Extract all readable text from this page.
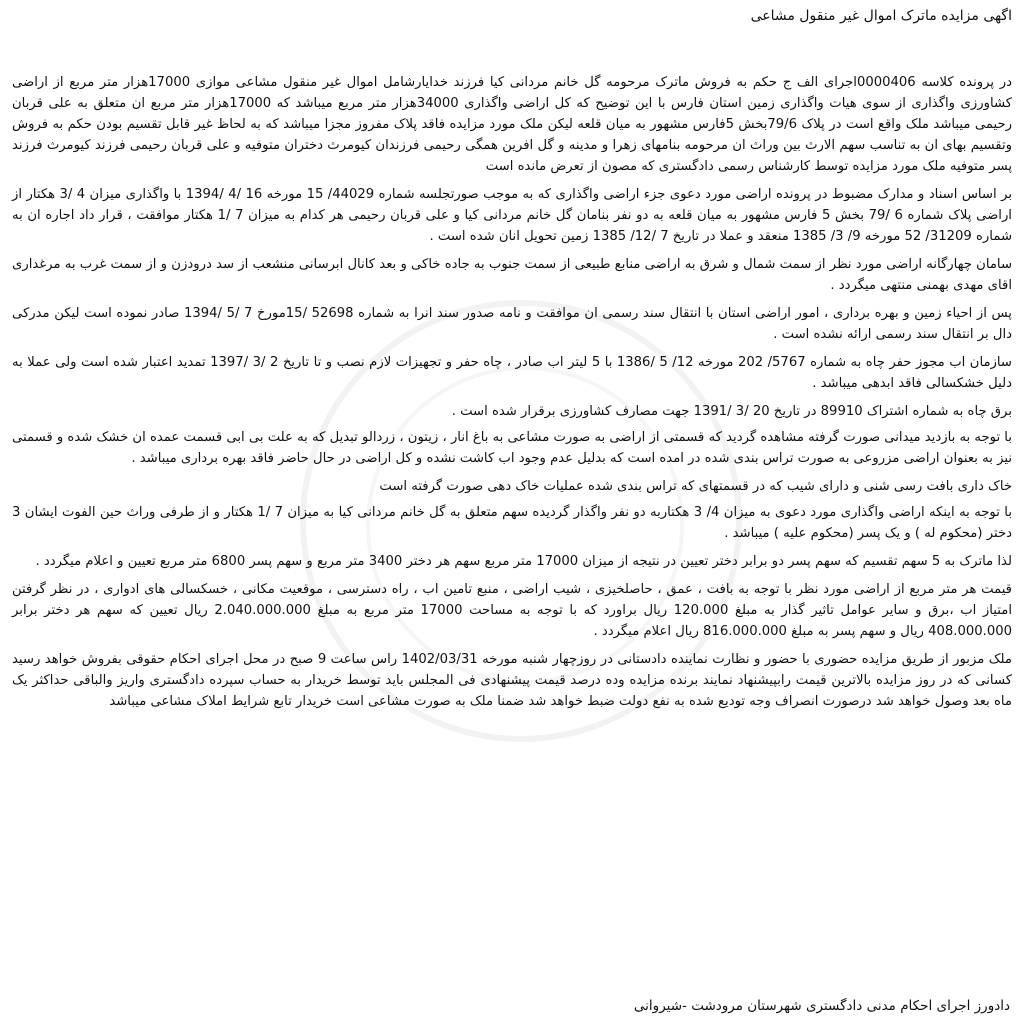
اگهی مزایده ماترک اموال غیر منقول مشاعی

در پرونده کلاسه 0000406اجرای الف ج حکم به فروش ماترک مرحومه گل خانم مردانی کیا فرزند خدایارشامل اموال غیر منقول مشاعی موازی 17000هزار متر مربع از اراضی کشاورزی واگذاری از سوی هیات واگذاری زمین استان فارس با این توضیح که کل اراضی واگذاری 34000هزار متر مربع میباشد که 17000هزار متر مربع ان متعلق به علی قربان رحیمی میباشد ملک واقع است در پلاک 79/6بخش 5فارس مشهور به میان قلعه لیکن ملک مورد مزایده فاقد پلاک مفروز مجزا میباشد که به لحاظ غیر قابل تقسیم بودن حکم به فروش وتقسیم بهای ان به تناسب سهم الارث بین وراث ان مرحومه بنامهای زهرا و مدینه و گل افرین همگی رحیمی فرزندان کیومرث دختران متوفیه و علی قربان رحیمی فرزند کیومرث فرزند پسر متوفیه ملک مورد مزایده توسط کارشناس رسمی دادگستری که مصون از تعرض مانده است

بر اساس اسناد و مدارک مضبوط در پرونده اراضی مورد دعوی جزء اراضی واگذاری که به موجب صورتجلسه شماره 44029/ 15 مورخه 16 /4 /1394 با واگذاری میزان 4 /3 هکتار از اراضی پلاک شماره 6 /79 بخش 5 فارس مشهور به میان قلعه به دو نفر بنامان گل خانم مردانی کیا و علی قربان رحیمی هر کدام به میزان 7 /1 هکتار موافقت ، قرار داد اجاره ان به شماره 31209/ 52 مورخه 9/ 3/ 1385 منعقد و عملا در تاریخ 7 /12/ 1385 زمین تحویل انان شده است .

سامان چهارگانه اراضی مورد نظر از سمت شمال و شرق به اراضی منابع طبیعی از سمت جنوب به جاده خاکی و بعد کانال ابرسانی منشعب از سد درودزن و از سمت غرب به مرغداری اقای مهدی بهمنی منتهی میگردد .

پس از احیاء زمین و بهره برداری ، امور اراضی استان با انتقال سند رسمی ان موافقت و نامه صدور سند انرا به شماره 52698 /15مورخ 7 /5 /1394 صادر نموده است لیکن مدرکی دال بر انتقال سند رسمی ارائه نشده است .

سازمان اب مجوز حفر چاه به شماره 5767/ 202 مورخه 12/ 5 /1386 با 5 لیتر اب صادر ، چاه حفر و تجهیزات لازم نصب و تا تاریخ 2 /3 /1397 تمدید اعتبار شده است ولی عملا به دلیل خشکسالی فاقد ابدهی میباشد .

برق چاه به شماره اشتراک 89910 در تاریخ 20 /3 /1391 جهت مصارف کشاورزی برقرار شده است .

با توجه به بازدید میدانی صورت گرفته مشاهده گردید که قسمتی از اراضی به صورت مشاعی به باغ انار ، زیتون ، زردالو تبدیل که به علت بی ابی قسمت عمده ان خشک شده و قسمتی نیز به بعنوان اراضی مزروعی به صورت تراس بندی شده در امده است که بدلیل عدم وجود اب کاشت نشده و کل اراضی در حال حاضر فاقد بهره برداری میباشد .

خاک داری بافت رسی شنی و دارای شیب که در قسمتهای که تراس بندی شده عملیات خاک دهی صورت گرفته است

با توجه به اینکه اراضی واگذاری مورد دعوی به میزان 4/ 3 هکتاربه دو نفر واگذار گردیده سهم متعلق به گل خانم مردانی کیا به میزان 7 /1 هکتار و از طرفی وراث حین الفوت ایشان 3 دختر (محکوم له ) و یک پسر (محکوم علیه ) میباشد .

لذا ماترک به 5 سهم تقسیم که سهم پسر دو برابر دختر تعیین در نتیجه از میزان 17000 متر مربع سهم هر دختر 3400 متر مربع و سهم پسر 6800 متر مربع تعیین و اعلام میگردد .

قیمت هر متر مربع از اراضی مورد نظر با توجه به بافت ، عمق ، حاصلخیزی ، شیب اراضی ، منبع تامین اب ، راه دسترسی ، موقعیت مکانی ، خسکسالی های ادواری ، در نظر گرفتن امتیاز اب ،برق و سایر عوامل تاثیر گذار به مبلغ 120.000 ریال براورد که با توجه به مساحت 17000 متر مربع به مبلغ 2.040.000.000 ریال تعیین که سهم هر دختر برابر 408.000.000 ریال و سهم پسر به مبلغ 816.000.000 ریال اعلام میگردد .

ملک مزبور از طریق مزایده حضوری با حضور و نظارت نماینده دادستانی در روزچهار شنبه مورخه 1402/03/31 راس ساعت 9 صبح در محل اجرای احکام حقوقی بفروش خواهد رسید کسانی که در روز مزایده بالاترین قیمت رابپیشنهاد نمایند برنده مزایده وده درصد قیمت پیشنهادی فی المجلس باید توسط خریدار به حساب سپرده دادگستری واریز والباقی حداکثر یک ماه بعد وصول خواهد شد درصورت انصراف وجه تودیع شده به نفع دولت ضبط خواهد شد ضمنا ملک به صورت مشاعی است خریدار تابع شرایط املاک مشاعی میباشد

دادورز اجرای احکام مدنی دادگستری شهرستان مرودشت -شیروانی
